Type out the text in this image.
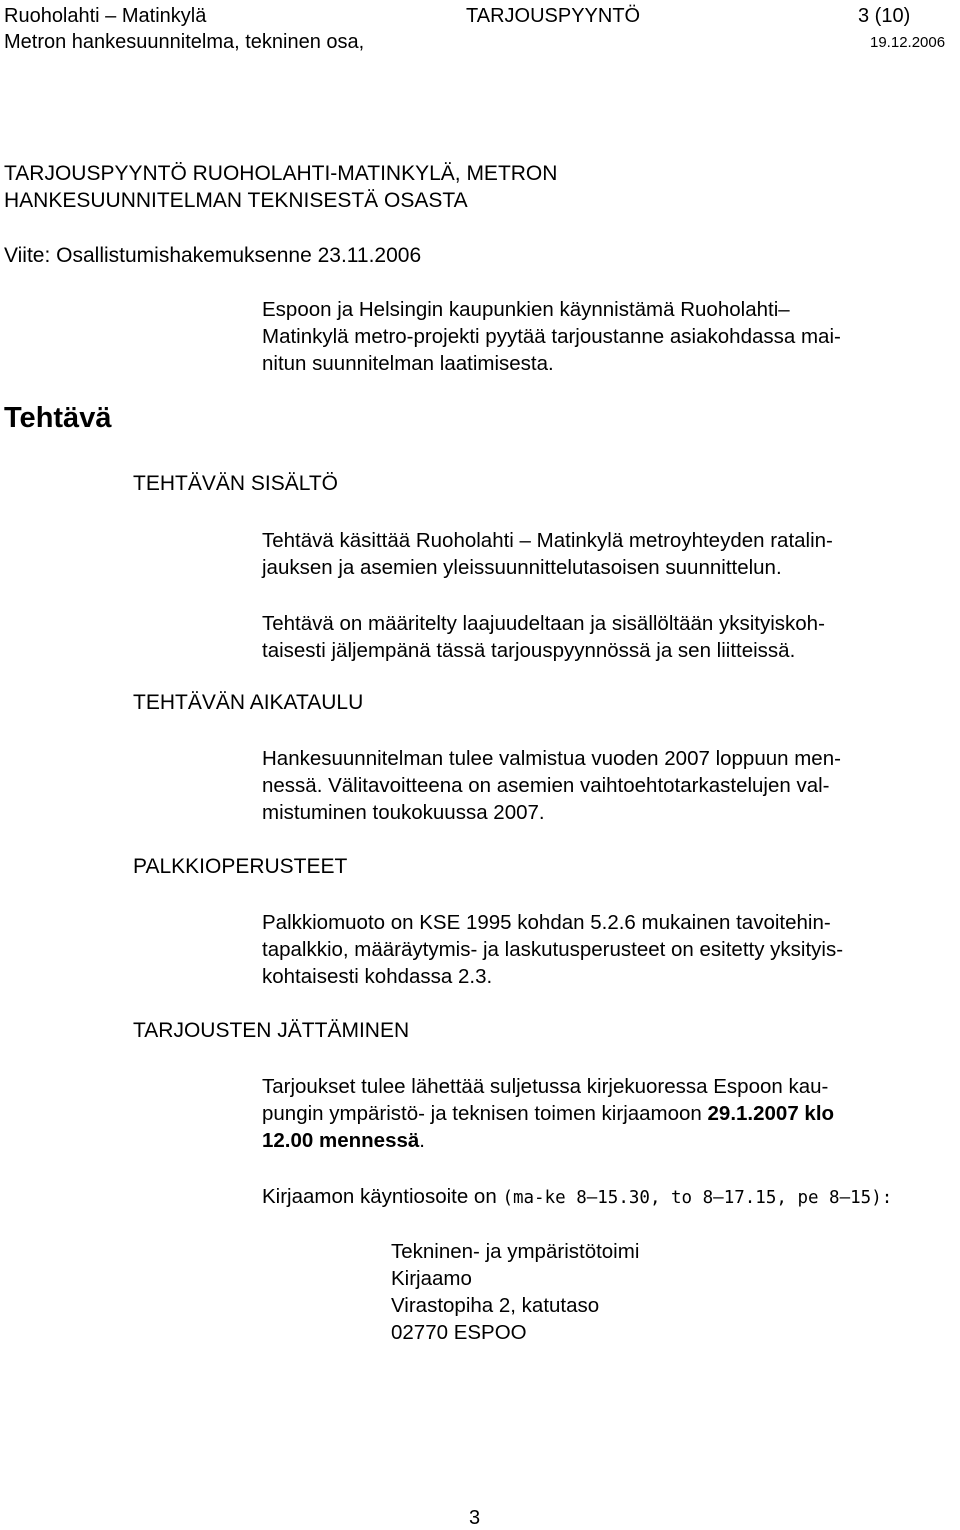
Ruoholahti – Matinkylä	TARJOUSPYYNTÖ	3 (10)
Metron hankesuunnitelma, tekninen osa,	19.12.2006
TARJOUSPYYNTÖ RUOHOLAHTI-MATINKYLÄ, METRON
HANKESUUNNITELMAN TEKNISESTÄ OSASTA
Viite: Osallistumishakemuksenne 23.11.2006
Espoon ja Helsingin kaupunkien käynnistämä Ruoholahti–
Matinkylä metro-projekti pyytää tarjoustanne asiakohdassa mai-
nitun suunnitelman laatimisesta.
Tehtävä
TEHTÄVÄN SISÄLTÖ
Tehtävä käsittää Ruoholahti – Matinkylä metroyhteyden ratalin-
jauksen ja asemien yleissuunnittelutasoisen suunnittelun.
Tehtävä on määritelty laajuudeltaan ja sisällöltään yksityiskoh-
taisesti jäljempänä tässä tarjouspyynnössä ja sen liitteissä.
TEHTÄVÄN AIKATAULU
Hankesuunnitelman tulee valmistua vuoden 2007 loppuun men-
nessä. Välitavoitteena on asemien vaihtoehtotarkastelujen val-
mistuminen toukokuussa 2007.
PALKKIOPERUSTEET
Palkkiomuoto on KSE 1995 kohdan 5.2.6 mukainen tavoitehin-
tapalkkio, määräytymis- ja laskutusperusteet on esitetty yksityis-
kohtaisesti kohdassa 2.3.
TARJOUSTEN JÄTTÄMINEN
Tarjoukset tulee lähettää suljetussa kirjekuoressa Espoon kau-
pungin ympäristö- ja teknisen toimen kirjaamoon 29.1.2007 klo
12.00 mennessä.
Kirjaamon käyntiosoite on (ma-ke 8–15.30, to 8–17.15, pe 8–15):
Tekninen- ja ympäristötoimi
Kirjaamo
Virastopiha 2, katutaso
02770 ESPOO
3
